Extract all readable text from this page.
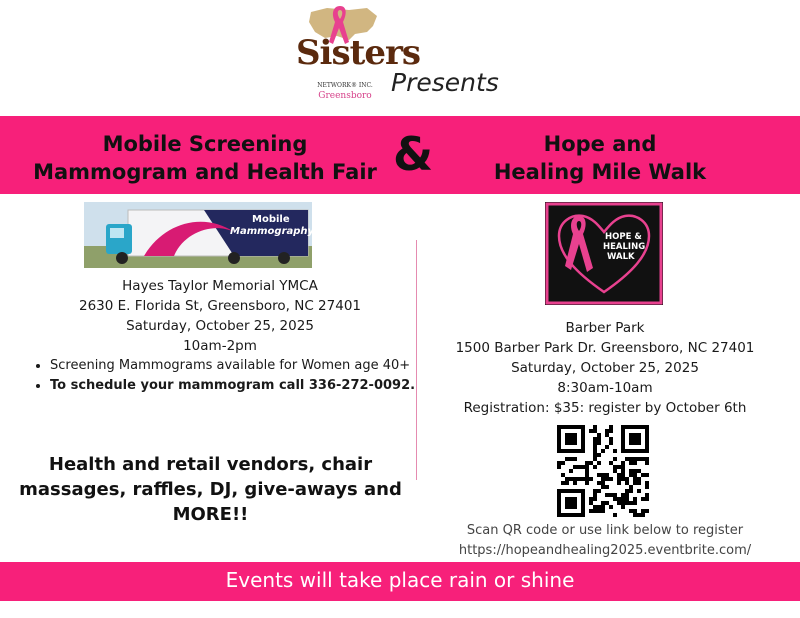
Sisters
NETWORK® INC.
Greensboro Presents
Mobile Screening
Mammogram and Health Fair &	Hope and
Healing Mile Walk
Mobile
Mammography
Hayes Taylor Memorial YMCA
2630 E. Florida St, Greensboro, NC 27401
Saturday, October 25, 2025
10am-2pm
• Screening Mammograms available for Women age 40+
• To schedule your mammogram call 336-272-0092.
Health and retail vendors, chair massages, raffles, DJ, give-aways and MORE!!
HOPE &
HEALING
WALK
Barber Park
1500 Barber Park Dr. Greensboro, NC 27401
Saturday, October 25, 2025
8:30am-10am
Registration: $35: register by October 6th
Scan QR code or use link below to register
https://hopeandhealing2025.eventbrite.com/
Events will take place rain or shine
